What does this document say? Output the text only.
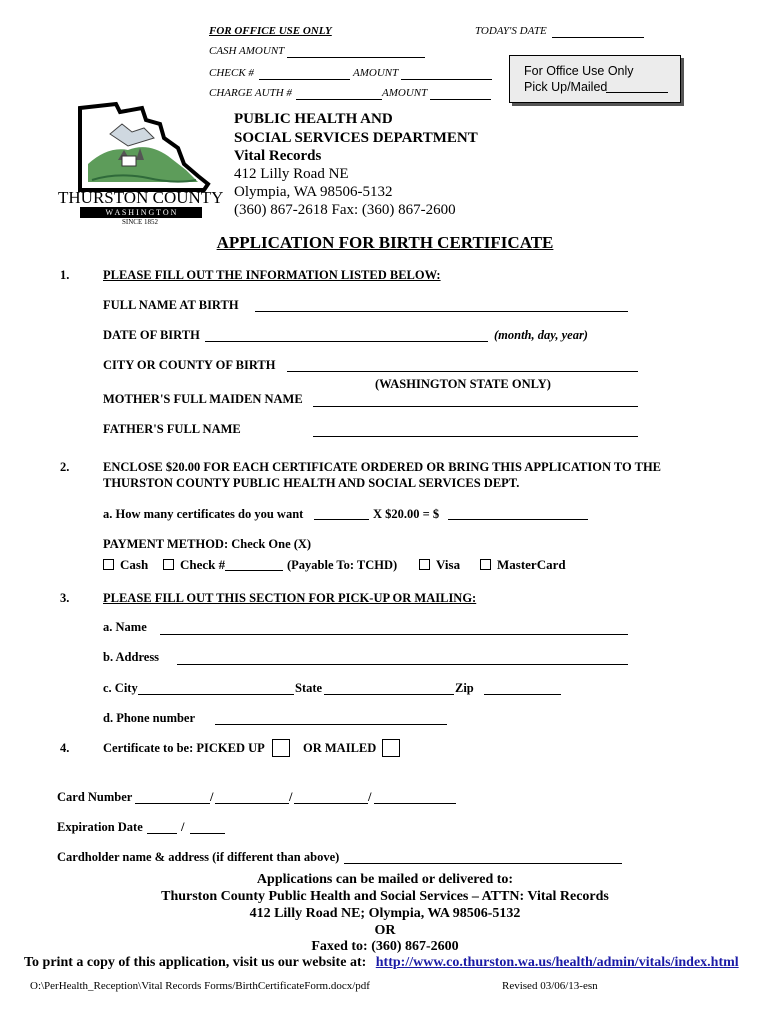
FOR OFFICE USE ONLY	TODAY'S DATE
CASH AMOUNT
CHECK #	AMOUNT
CHARGE AUTH #	AMOUNT
For Office Use Only
Pick Up/Mailed
THURSTON COUNTY
W A S H I N G T O N
SINCE 1852
PUBLIC HEALTH AND
SOCIAL SERVICES DEPARTMENT
Vital Records
412 Lilly Road NE
Olympia, WA 98506-5132
(360) 867-2618 Fax: (360) 867-2600
APPLICATION FOR BIRTH CERTIFICATE
1.	PLEASE FILL OUT THE INFORMATION LISTED BELOW:
FULL NAME AT BIRTH
DATE OF BIRTH	(month, day, year)
CITY OR COUNTY OF BIRTH
(WASHINGTON STATE ONLY)
MOTHER'S FULL MAIDEN NAME
FATHER'S FULL NAME
2.	ENCLOSE $20.00 FOR EACH CERTIFICATE ORDERED OR BRING THIS APPLICATION TO THE
THURSTON COUNTY PUBLIC HEALTH AND SOCIAL SERVICES DEPT.
a. How many certificates do you want	X $20.00 = $
PAYMENT METHOD: Check One (X)
Cash	Check #	(Payable To: TCHD)	Visa	MasterCard
3.	PLEASE FILL OUT THIS SECTION FOR PICK-UP OR MAILING:
a. Name
b. Address
c. City	State	Zip
d. Phone number
4.	Certificate to be: PICKED UP	OR MAILED
Card Number	/	/	/
Expiration Date	/
Cardholder name & address (if different than above)
Applications can be mailed or delivered to:
Thurston County Public Health and Social Services – ATTN: Vital Records
412 Lilly Road NE; Olympia, WA 98506-5132
OR
Faxed to: (360) 867-2600
To print a copy of this application, visit us our website at: http://www.co.thurston.wa.us/health/admin/vitals/index.html
O:\PerHealth_Reception\Vital Records Forms/BirthCertificateForm.docx/pdf	Revised 03/06/13-esn
